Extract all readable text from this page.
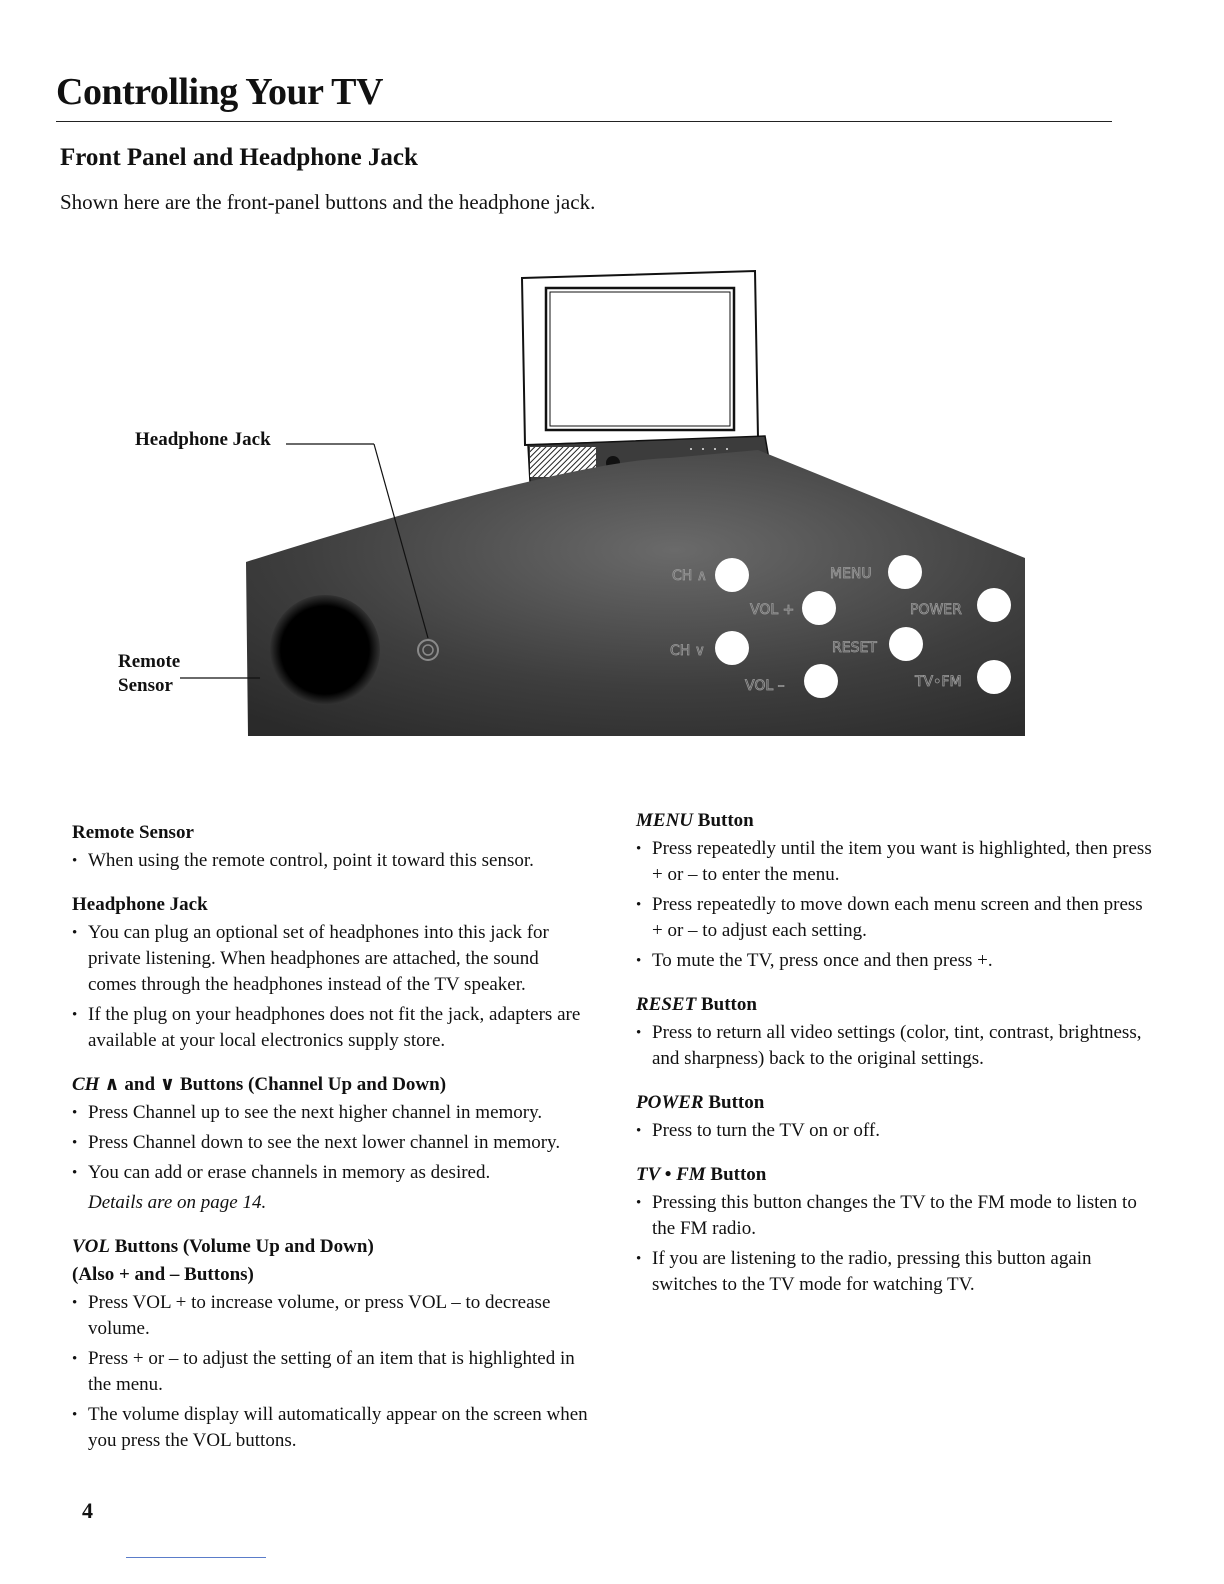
Controlling Your TV
Front Panel and Headphone Jack
Shown here are the front-panel buttons and the headphone jack.
CH ∧
VOL +
CH ∨
VOL –
MENU
RESET
POWER
TV•FM
Headphone Jack
Remote
Sensor
Remote Sensor
• When using the remote control, point it toward this sensor.
Headphone Jack
• You can plug an optional set of headphones into this jack for private listening. When headphones are attached, the sound comes through the headphones instead of the TV speaker.
• If the plug on your headphones does not fit the jack, adapters are available at your local electronics supply store.
CH ∧ and ∨ Buttons (Channel Up and Down)
• Press Channel up to see the next higher channel in memory.
• Press Channel down to see the next lower channel in memory.
• You can add or erase channels in memory as desired.
Details are on page 14.
VOL Buttons (Volume Up and Down)
(Also + and – Buttons)
• Press VOL + to increase volume, or press VOL – to decrease volume.
• Press + or – to adjust the setting of an item that is highlighted in the menu.
• The volume display will automatically appear on the screen when you press the VOL buttons.
MENU Button
• Press repeatedly until the item you want is highlighted, then press + or – to enter the menu.
• Press repeatedly to move down each menu screen and then press + or – to adjust each setting.
• To mute the TV, press once and then press +.
RESET Button
• Press to return all video settings (color, tint, contrast, brightness, and sharpness) back to the original settings.
POWER Button
• Press to turn the TV on or off.
TV • FM Button
• Pressing this button changes the TV to the FM mode to listen to the FM radio.
• If you are listening to the radio, pressing this button again switches to the TV mode for watching TV.
4
